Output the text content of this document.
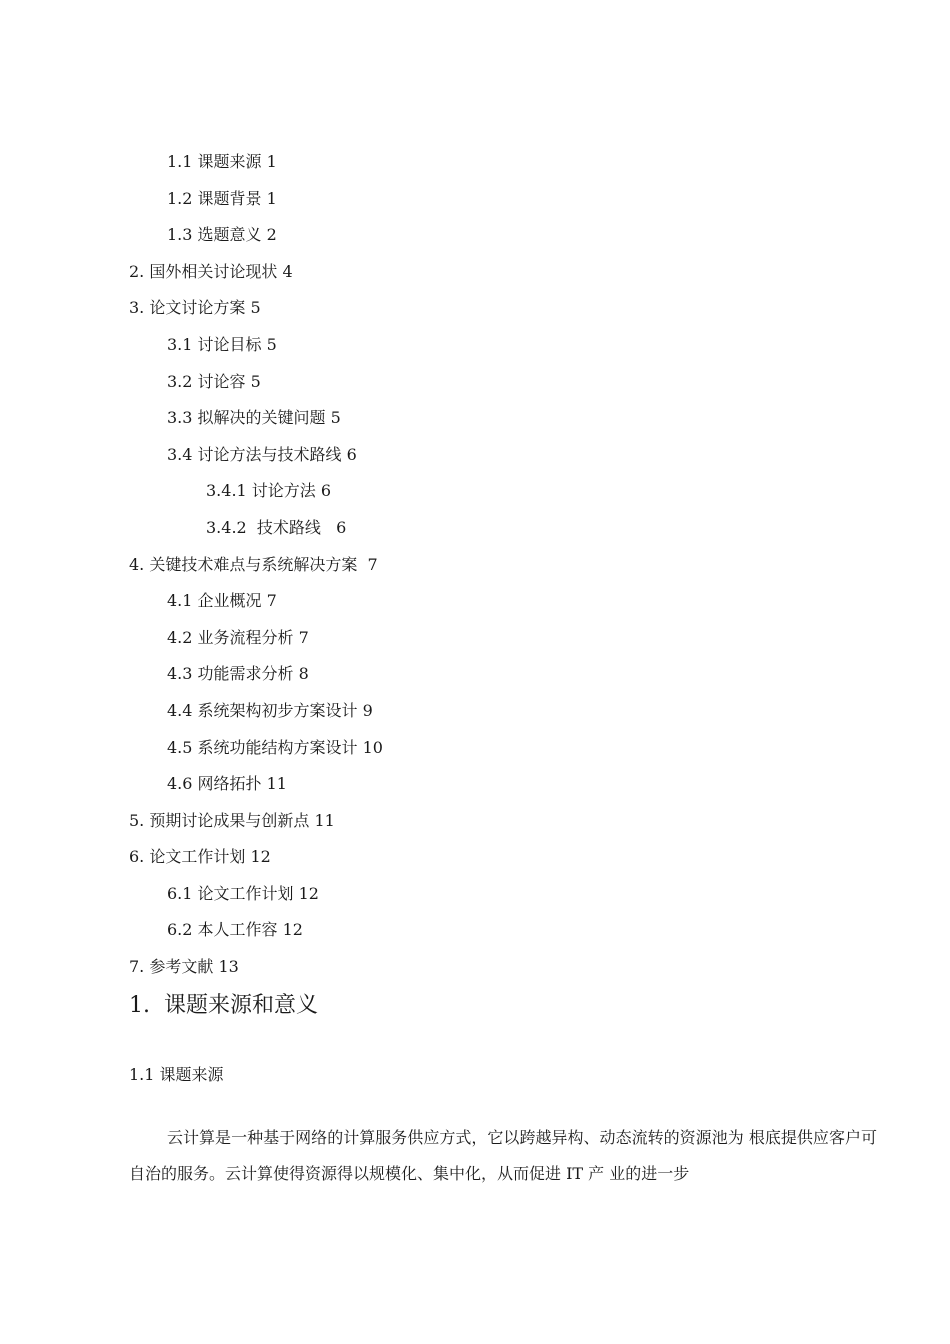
1.1 课题来源 1
1.2 课题背景 1
1.3 选题意义 2
2. 国外相关讨论现状 4
3. 论文讨论方案 5
3.1 讨论目标 5
3.2 讨论容 5
3.3 拟解决的关键问题 5
3.4 讨论方法与技术路线 6
3.4.1 讨论方法 6
3.4.2  技术路线   6
4. 关键技术难点与系统解决方案  7
4.1 企业概况 7
4.2 业务流程分析 7
4.3 功能需求分析 8
4.4 系统架构初步方案设计 9
4.5 系统功能结构方案设计 10
4.6 网络拓扑 11
5. 预期讨论成果与创新点 11
6. 论文工作计划 12
6.1 论文工作计划 12
6.2 本人工作容 12
7. 参考文献 13
1.  课题来源和意义
1.1 课题来源

云计算是一种基于网络的计算服务供应方式，它以跨越异构、动态流转的资源池为 根底提供应客户可自治的服务。云计算使得资源得以规模化、集中化，从而促进 IT 产 业的进一步
